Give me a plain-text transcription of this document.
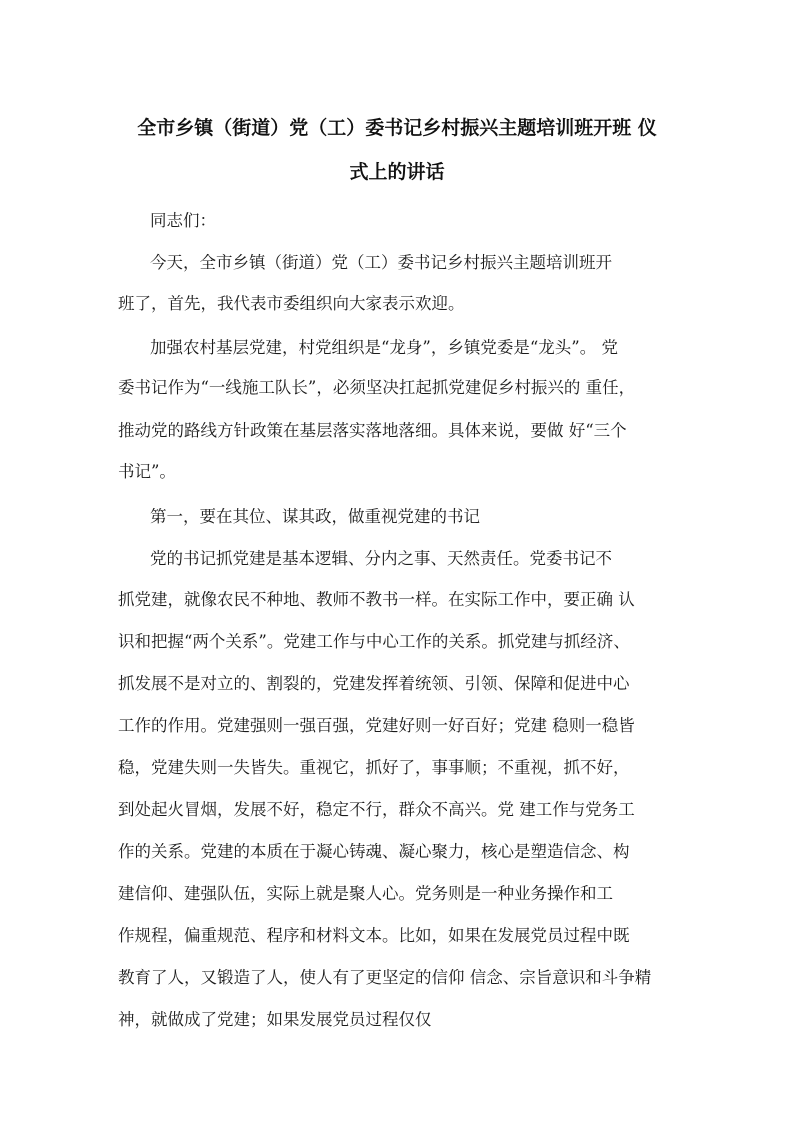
全市乡镇（街道）党（工）委书记乡村振兴主题培训班开班 仪
式上的讲话
同志们：
今天，全市乡镇（街道）党（工）委书记乡村振兴主题培训班开
班了，首先，我代表市委组织向大家表示欢迎。
加强农村基层党建，村党组织是“龙身”，乡镇党委是“龙头”。 党
委书记作为“一线施工队长”，必须坚决扛起抓党建促乡村振兴的 重任，
推动党的路线方针政策在基层落实落地落细。具体来说，要做 好“三个
书记”。
第一，要在其位、谋其政，做重视党建的书记
党的书记抓党建是基本逻辑、分内之事、天然责任。党委书记不
抓党建，就像农民不种地、教师不教书一样。在实际工作中，要正确 认
识和把握“两个关系”。党建工作与中心工作的关系。抓党建与抓经济、
抓发展不是对立的、割裂的，党建发挥着统领、引领、保障和促进中心
工作的作用。党建强则一强百强，党建好则一好百好；党建 稳则一稳皆
稳，党建失则一失皆失。重视它，抓好了，事事顺；不重视，抓不好，
到处起火冒烟，发展不好，稳定不行，群众不高兴。党 建工作与党务工
作的关系。党建的本质在于凝心铸魂、凝心聚力，核心是塑造信念、构
建信仰、建强队伍，实际上就是聚人心。党务则是一种业务操作和工
作规程，偏重规范、程序和材料文本。比如，如果在发展党员过程中既
教育了人，又锻造了人，使人有了更坚定的信仰 信念、宗旨意识和斗争精
神，就做成了党建；如果发展党员过程仅仅
